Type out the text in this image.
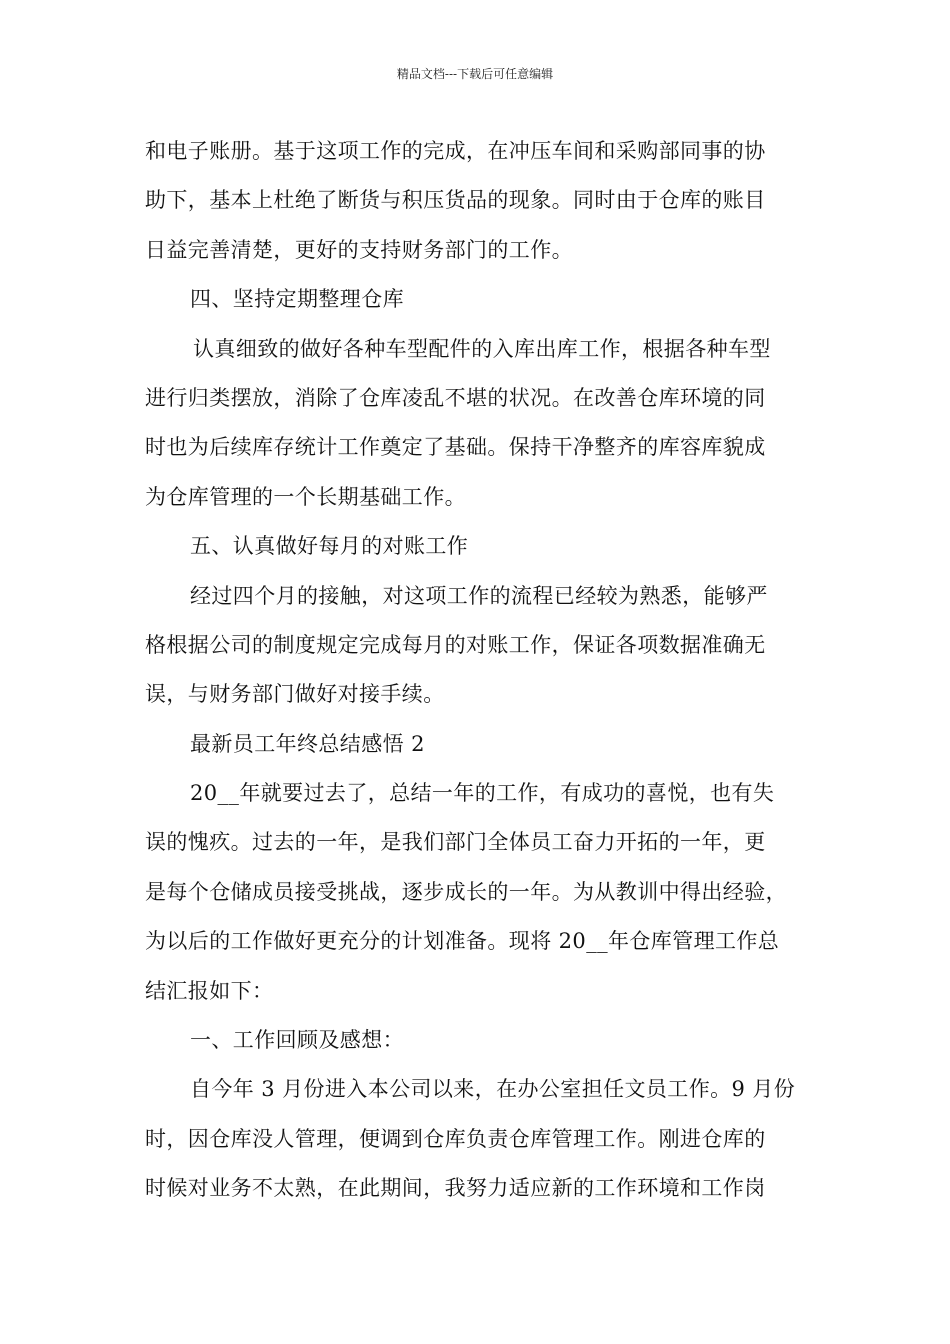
精品文档---下载后可任意编辑
和电子账册。基于这项工作的完成，在冲压车间和采购部同事的协
助下，基本上杜绝了断货与积压货品的现象。同时由于仓库的账目
日益完善清楚，更好的支持财务部门的工作。
四、坚持定期整理仓库
认真细致的做好各种车型配件的入库出库工作，根据各种车型
进行归类摆放，消除了仓库凌乱不堪的状况。在改善仓库环境的同
时也为后续库存统计工作奠定了基础。保持干净整齐的库容库貌成
为仓库管理的一个长期基础工作。
五、认真做好每月的对账工作
经过四个月的接触，对这项工作的流程已经较为熟悉，能够严
格根据公司的制度规定完成每月的对账工作，保证各项数据准确无
误，与财务部门做好对接手续。
最新员工年终总结感悟 2
20__年就要过去了，总结一年的工作，有成功的喜悦，也有失
误的愧疚。过去的一年，是我们部门全体员工奋力开拓的一年，更
是每个仓储成员接受挑战，逐步成长的一年。为从教训中得出经验，
为以后的工作做好更充分的计划准备。现将 20__年仓库管理工作总
结汇报如下：
一、工作回顾及感想：
自今年 3 月份进入本公司以来，在办公室担任文员工作。9 月份
时，因仓库没人管理，便调到仓库负责仓库管理工作。刚进仓库的
时候对业务不太熟，在此期间，我努力适应新的工作环境和工作岗
